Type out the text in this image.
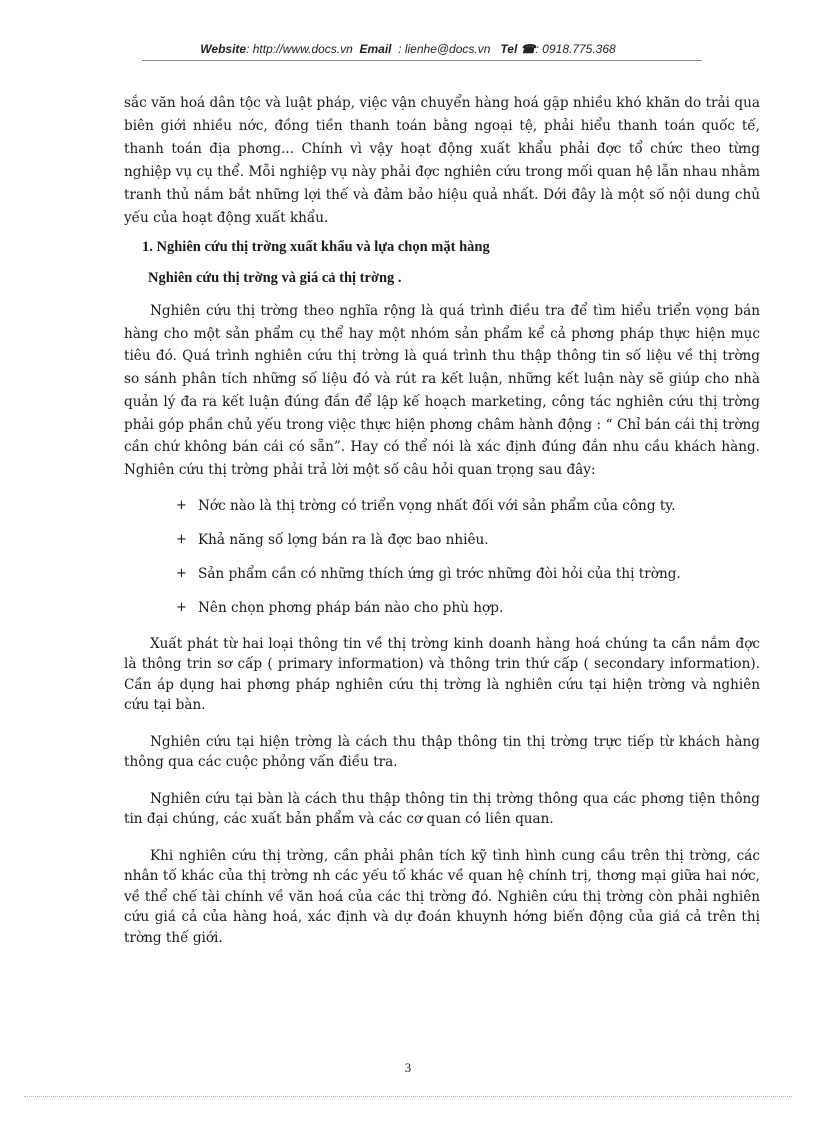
Website: http://www.docs.vn Email : lienhe@docs.vn Tel ☎: 0918.775.368

sắc văn hoá dân tộc và luật pháp, việc vận chuyển hàng hoá gặp nhiều khó khăn do trải qua biên giới nhiều nớc, đồng tiền thanh toán bằng ngoại tệ, phải hiểu thanh toán quốc tế, thanh toán địa phơng... Chính vì vậy hoạt động xuất khẩu phải đợc tổ chức theo từng nghiệp vụ cụ thể. Mỗi nghiệp vụ này phải đợc nghiên cứu trong mối quan hệ lẫn nhau nhằm tranh thủ nắm bắt những lợi thế và đảm bảo hiệu quả nhất. Dới đây là một số nội dung chủ yếu của hoạt động xuất khẩu.

1. Nghiên cứu thị trờng xuất khẩu và lựa chọn mặt hàng

Nghiên cứu thị trờng và giá cả thị trờng .

Nghiên cứu thị trờng theo nghĩa rộng là quá trình điều tra để tìm hiểu triển vọng bán hàng cho một sản phẩm cụ thể hay một nhóm sản phẩm kể cả phơng pháp thực hiện mục tiêu đó. Quá trình nghiên cứu thị trờng là quá trình thu thập thông tin số liệu về thị trờng so sánh phân tích những số liệu đó và rút ra kết luận, những kết luận này sẽ giúp cho nhà quản lý đa ra kết luận đúng đắn để lập kế hoạch marketing, công tác nghiên cứu thị trờng phải góp phần chủ yếu trong việc thực hiện phơng châm hành động : “ Chỉ bán cái thị trờng cần chứ không bán cái có sẵn”. Hay có thể nói là xác định đúng đắn nhu cầu khách hàng. Nghiên cứu thị trờng phải trả lời một số câu hỏi quan trọng sau đây:

+ Nớc nào là thị trờng có triển vọng nhất đối với sản phẩm của công ty.
+ Khả năng số lợng bán ra là đợc bao nhiêu.
+ Sản phẩm cần có những thích ứng gì trớc những đòi hỏi của thị trờng.
+ Nên chọn phơng pháp bán nào cho phù hợp.

Xuất phát từ hai loại thông tin về thị trờng kinh doanh hàng hoá chúng ta cần nắm đợc là thông trin sơ cấp ( primary information) và thông trin thứ cấp ( secondary information). Cần áp dụng hai phơng pháp nghiên cứu thị trờng là nghiên cứu tại hiện trờng và nghiên cứu tại bàn.

Nghiên cứu tại hiện trờng là cách thu thập thông tin thị trờng trực tiếp từ khách hàng thông qua các cuộc phỏng vấn điều tra.

Nghiên cứu tại bàn là cách thu thập thông tin thị trờng thông qua các phơng tiện thông tin đại chúng, các xuất bản phẩm và các cơ quan có liên quan.

Khi nghiên cứu thị trờng, cần phải phân tích kỹ tình hình cung cầu trên thị trờng, các nhân tố khác của thị trờng nh các yếu tố khác về quan hệ chính trị, thơng mại giữa hai nớc, về thể chế tài chính về văn hoá của các thị trờng đó. Nghiên cứu thị trờng còn phải nghiên cứu giá cả của hàng hoá, xác định và dự đoán khuynh hớng biến động của giá cả trên thị trờng thế giới.

3
